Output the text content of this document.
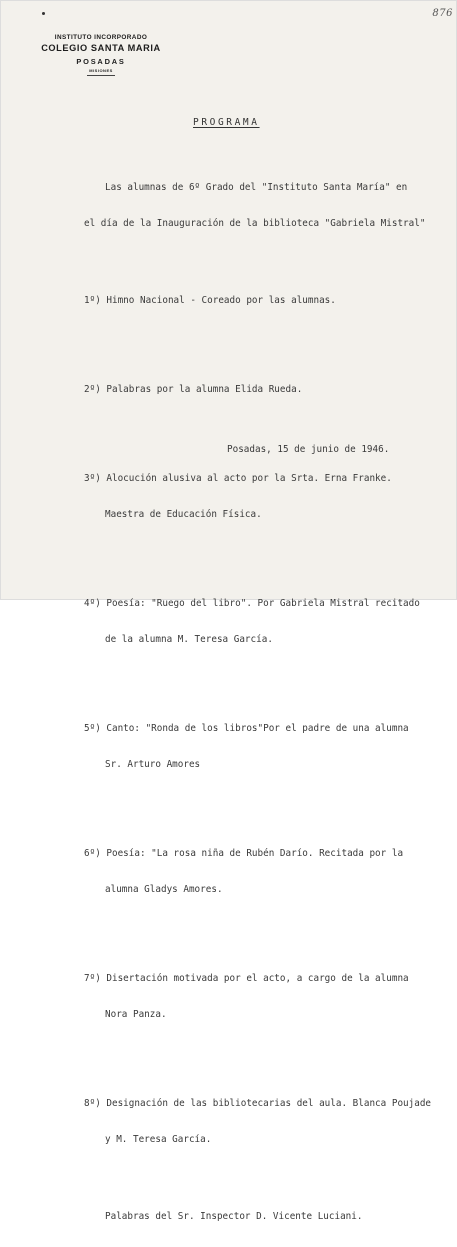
876
INSTITUTO INCORPORADO
COLEGIO SANTA MARIA
POSADAS
MISIONES
PROGRAMA

Las alumnas de 6º Grado del "Instituto Santa María" en

el día de la Inauguración de la biblioteca "Gabriela Mistral"

1º) Himno Nacional - Coreado por las alumnas.

2º) Palabras por la alumna Elida Rueda.

3º) Alocución alusiva al acto por la Srta. Erna Franke.

Maestra de Educación Física.

4º) Poesía: "Ruego del libro". Por Gabriela Mistral recitado

de la alumna M. Teresa García.

5º) Canto: "Ronda de los libros"Por el padre de una alumna

Sr. Arturo Amores

6º) Poesía: "La rosa niña de Rubén Darío. Recitada por la

alumna Gladys Amores.

7º) Disertación motivada por el acto, a cargo de la alumna

Nora Panza.

8º) Designación de las bibliotecarias del aula. Blanca Poujade

y M. Teresa García.

Palabras del Sr. Inspector D. Vicente Luciani.

Posadas, 15 de junio de 1946.
